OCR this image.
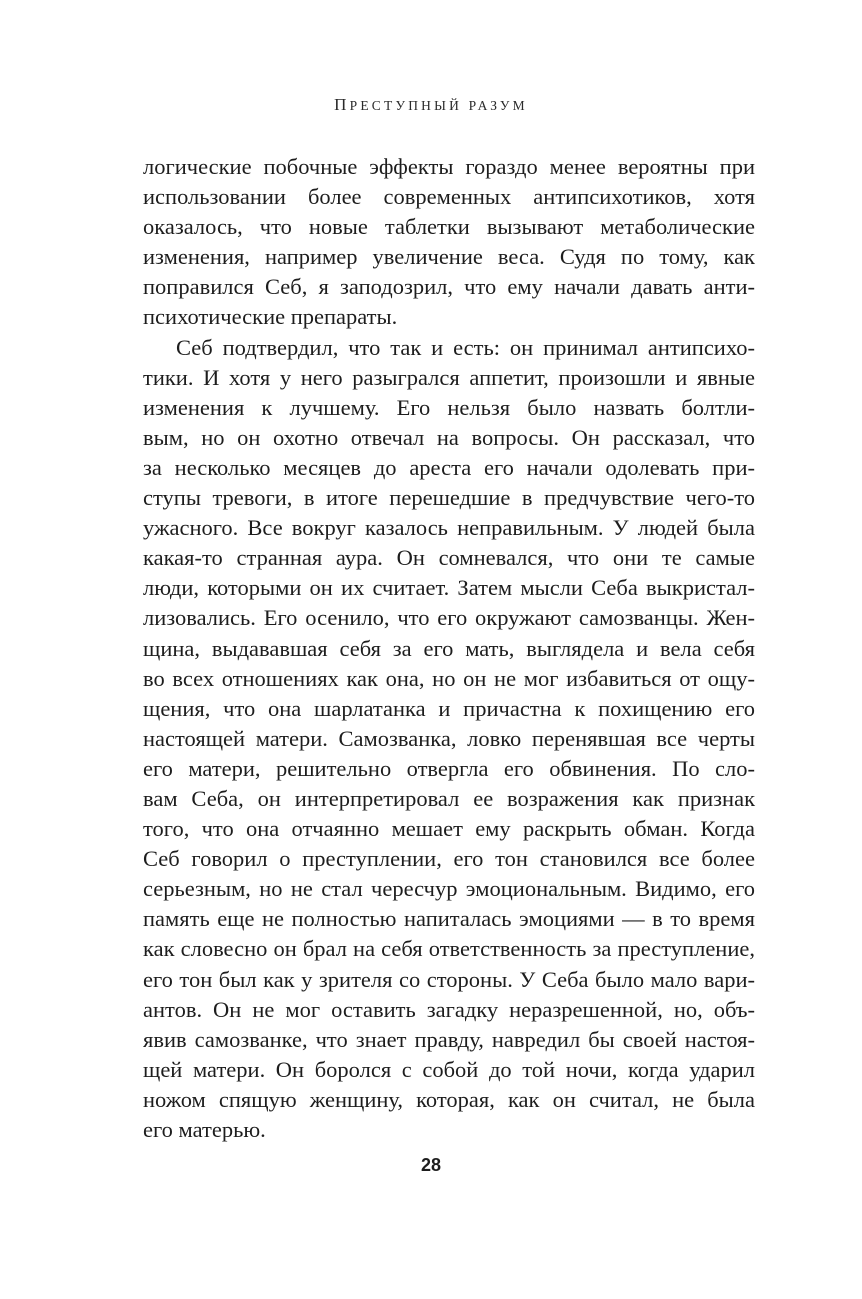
ПРЕСТУПНЫЙ РАЗУМ
логические побочные эффекты гораздо менее вероятны при
использовании более современных антипсихотиков, хотя
оказалось, что новые таблетки вызывают метаболические
изменения, например увеличение веса. Судя по тому, как
поправился Себ, я заподозрил, что ему начали давать анти-
психотические препараты.
Себ подтвердил, что так и есть: он принимал антипсихо-
тики. И хотя у него разыгрался аппетит, произошли и явные
изменения к лучшему. Его нельзя было назвать болтли-
вым, но он охотно отвечал на вопросы. Он рассказал, что
за несколько месяцев до ареста его начали одолевать при-
ступы тревоги, в итоге перешедшие в предчувствие чего-то
ужасного. Все вокруг казалось неправильным. У людей была
какая-то странная аура. Он сомневался, что они те самые
люди, которыми он их считает. Затем мысли Себа выкристал-
лизовались. Его осенило, что его окружают самозванцы. Жен-
щина, выдававшая себя за его мать, выглядела и вела себя
во всех отношениях как она, но он не мог избавиться от ощу-
щения, что она шарлатанка и причастна к похищению его
настоящей матери. Самозванка, ловко перенявшая все черты
его матери, решительно отвергла его обвинения. По сло-
вам Себа, он интерпретировал ее возражения как признак
того, что она отчаянно мешает ему раскрыть обман. Когда
Себ говорил о преступлении, его тон становился все более
серьезным, но не стал чересчур эмоциональным. Видимо, его
память еще не полностью напиталась эмоциями — в то время
как словесно он брал на себя ответственность за преступление,
его тон был как у зрителя со стороны. У Себа было мало вари-
антов. Он не мог оставить загадку неразрешенной, но, объ-
явив самозванке, что знает правду, навредил бы своей настоя-
щей матери. Он боролся с собой до той ночи, когда ударил
ножом спящую женщину, которая, как он считал, не была
его матерью.
28
